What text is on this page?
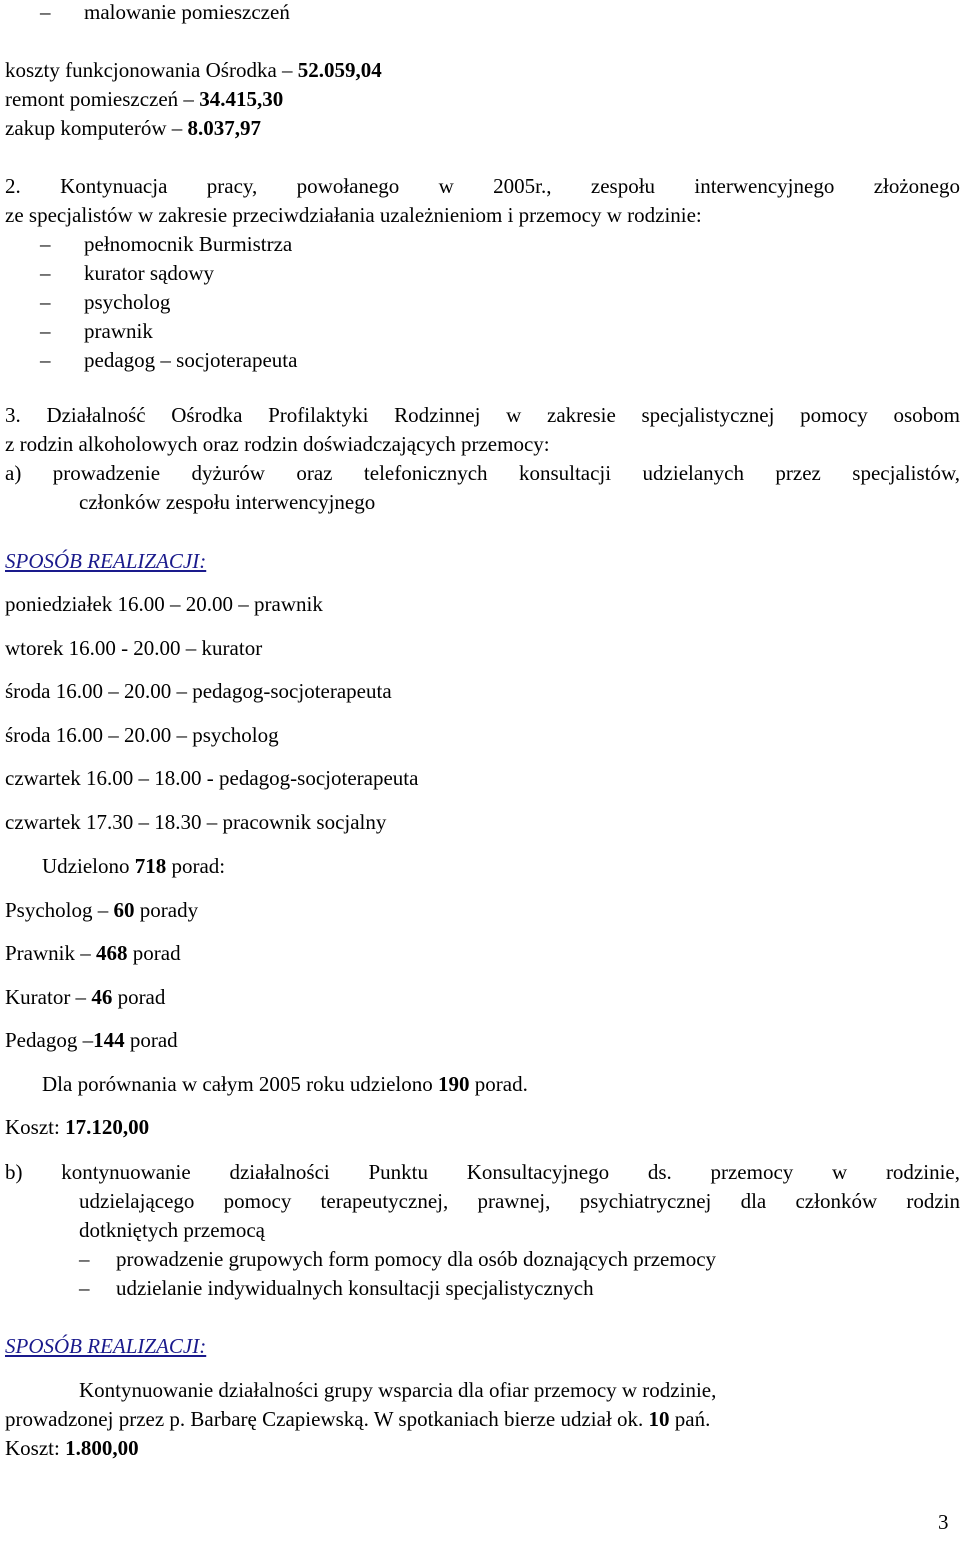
– malowanie pomieszczeń
koszty funkcjonowania Ośrodka – 52.059,04
remont pomieszczeń – 34.415,30
zakup komputerów – 8.037,97
2. Kontynuacja pracy, powołanego w 2005r., zespołu interwencyjnego złożonego
ze specjalistów w zakresie przeciwdziałania uzależnieniom i przemocy w rodzinie:
– pełnomocnik Burmistrza
– kurator sądowy
– psycholog
– prawnik
– pedagog – socjoterapeuta
3. Działalność Ośrodka Profilaktyki Rodzinnej w zakresie specjalistycznej pomocy osobom
z rodzin alkoholowych oraz rodzin doświadczających przemocy:
a) prowadzenie dyżurów oraz telefonicznych konsultacji udzielanych przez specjalistów,
członków zespołu interwencyjnego
SPOSÓB REALIZACJI:
poniedziałek 16.00 – 20.00 – prawnik
wtorek 16.00 - 20.00 – kurator
środa 16.00 – 20.00 – pedagog-socjoterapeuta
środa 16.00 – 20.00 – psycholog
czwartek 16.00 – 18.00 - pedagog-socjoterapeuta
czwartek 17.30 – 18.30 – pracownik socjalny
Udzielono 718 porad:
Psycholog – 60 porady
Prawnik – 468 porad
Kurator – 46 porad
Pedagog –144 porad
Dla porównania w całym 2005 roku udzielono 190 porad.
Koszt: 17.120,00
b) kontynuowanie działalności Punktu Konsultacyjnego ds. przemocy w rodzinie,
udzielającego pomocy terapeutycznej, prawnej, psychiatrycznej dla członków rodzin
dotkniętych przemocą
– prowadzenie grupowych form pomocy dla osób doznających przemocy
– udzielanie indywidualnych konsultacji specjalistycznych
SPOSÓB REALIZACJI:
Kontynuowanie działalności grupy wsparcia dla ofiar przemocy w rodzinie,
prowadzonej przez p. Barbarę Czapiewską. W spotkaniach bierze udział ok. 10 pań.
Koszt: 1.800,00
3
